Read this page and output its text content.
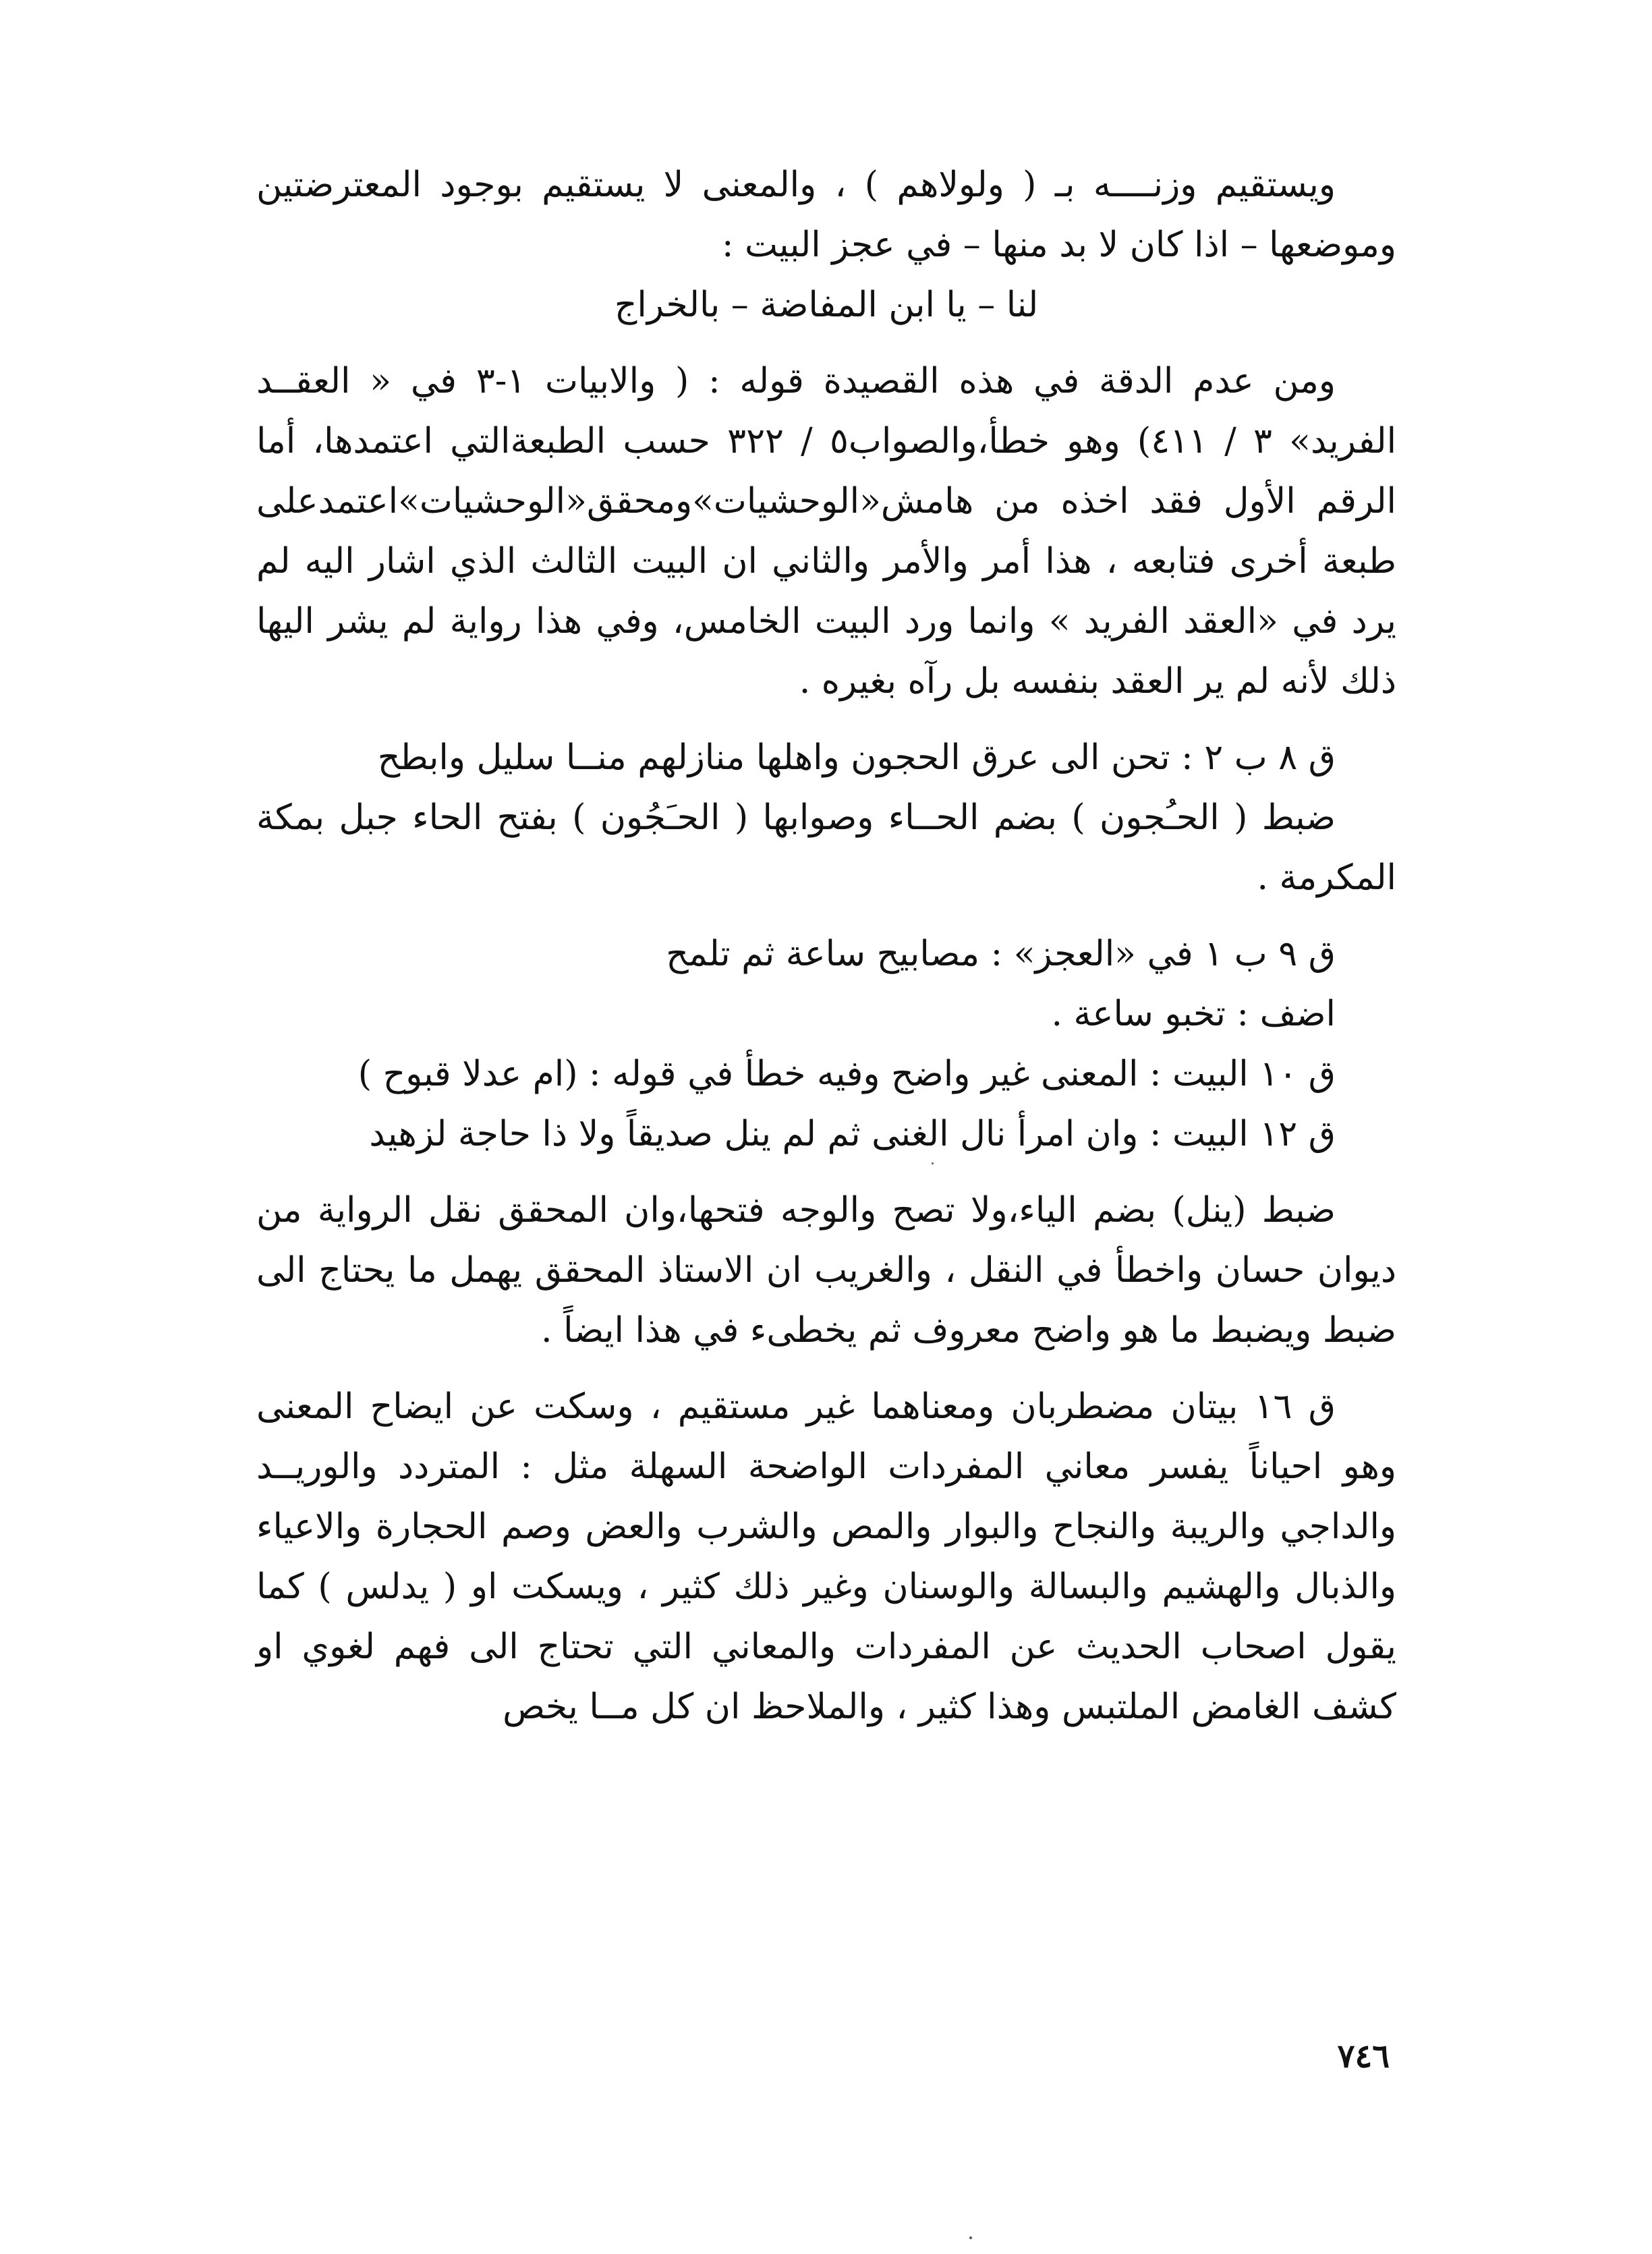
ويستقيم وزنــــه بـ ( ولولاهم ) ، والمعنى لا يستقيم بوجود المعترضتين وموضعها – اذا كان لا بد منها – في عجز البيت :

لنا – يا ابن المفاضة – بالخراج

ومن عدم الدقة في هذه القصيدة قوله : ( والابيات ١-٣ في « العقــد الفريد» ٣ / ٤١١) وهو خطأ،والصواب٥ / ٣٢٢ حسب الطبعةالتي اعتمدها، أما الرقم الأول فقد اخذه من هامش«الوحشيات»ومحقق«الوحشيات»اعتمدعلى طبعة أخرى فتابعه ، هذا أمر والأمر والثاني ان البيت الثالث الذي اشار اليه لم يرد في «العقد الفريد » وانما ورد البيت الخامس، وفي هذا رواية لم يشر اليها ذلك لأنه لم ير العقد بنفسه بل رآه بغيره .

ق ٨ ب ٢ : تحن الى عرق الحجون واهلها منازلهم منــا سليل وابطح

ضبط ( الحـُجون ) بضم الحــاء وصوابها ( الحـَجُون ) بفتح الحاء جبل بمكة المكرمة .

ق ٩ ب ١ في «العجز» : مصابيح ساعة ثم تلمح

اضف : تخبو ساعة .

ق ١٠ البيت : المعنى غير واضح وفيه خطأ في قوله : (ام عدلا قبوح )

ق ١٢ البيت : وان امرأ نال الغنى ثم لم ينل صديقاً ولا ذا حاجة لزهيد

ضبط (ينل) بضم الياء،ولا تصح والوجه فتحها،وان المحقق نقل الرواية من ديوان حسان واخطأ في النقل ، والغريب ان الاستاذ المحقق يهمل ما يحتاج الى ضبط ويضبط ما هو واضح معروف ثم يخطىء في هذا ايضاً .

ق ١٦ بيتان مضطربان ومعناهما غير مستقيم ، وسكت عن ايضاح المعنى وهو احياناً يفسر معاني المفردات الواضحة السهلة مثل : المتردد والوريــد والداجي والريبة والنجاح والبوار والمص والشرب والعض وصم الحجارة والاعياء والذبال والهشيم والبسالة والوسنان وغير ذلك كثير ، ويسكت او ( يدلس ) كما يقول اصحاب الحديث عن المفردات والمعاني التي تحتاج الى فهم لغوي او كشف الغامض الملتبس وهذا كثير ، والملاحظ ان كل مــا يخص

٧٤٦
